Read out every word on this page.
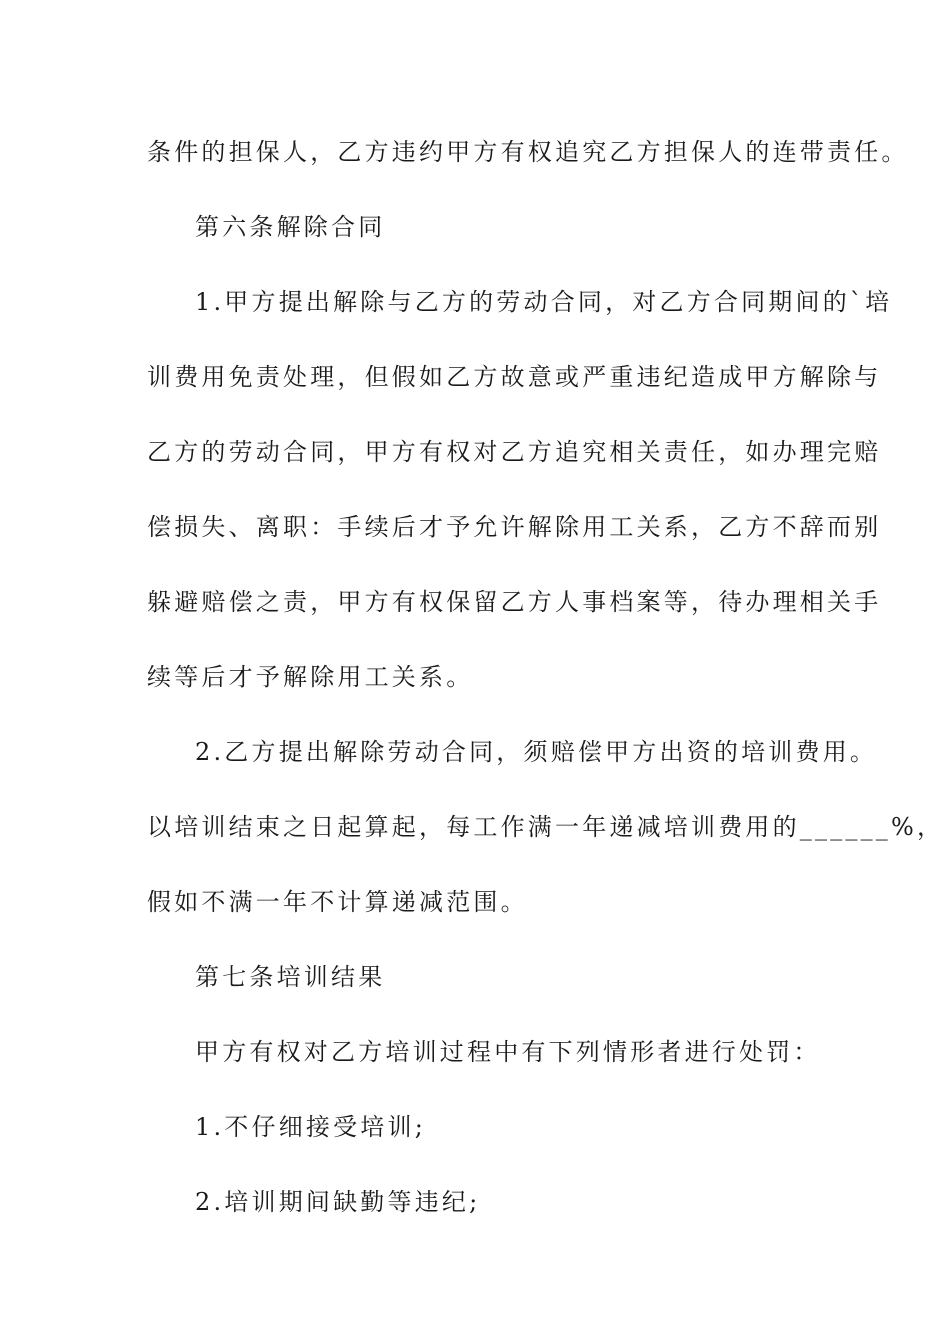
条件的担保人，乙方违约甲方有权追究乙方担保人的连带责任。
第六条解除合同
1.甲方提出解除与乙方的劳动合同，对乙方合同期间的`培
训费用免责处理，但假如乙方故意或严重违纪造成甲方解除与
乙方的劳动合同，甲方有权对乙方追究相关责任，如办理完赔
偿损失、离职：手续后才予允许解除用工关系，乙方不辞而别
躲避赔偿之责，甲方有权保留乙方人事档案等，待办理相关手
续等后才予解除用工关系。
2.乙方提出解除劳动合同，须赔偿甲方出资的培训费用。
以培训结束之日起算起，每工作满一年递减培训费用的______%，
假如不满一年不计算递减范围。
第七条培训结果
甲方有权对乙方培训过程中有下列情形者进行处罚：
1.不仔细接受培训;
2.培训期间缺勤等违纪;
